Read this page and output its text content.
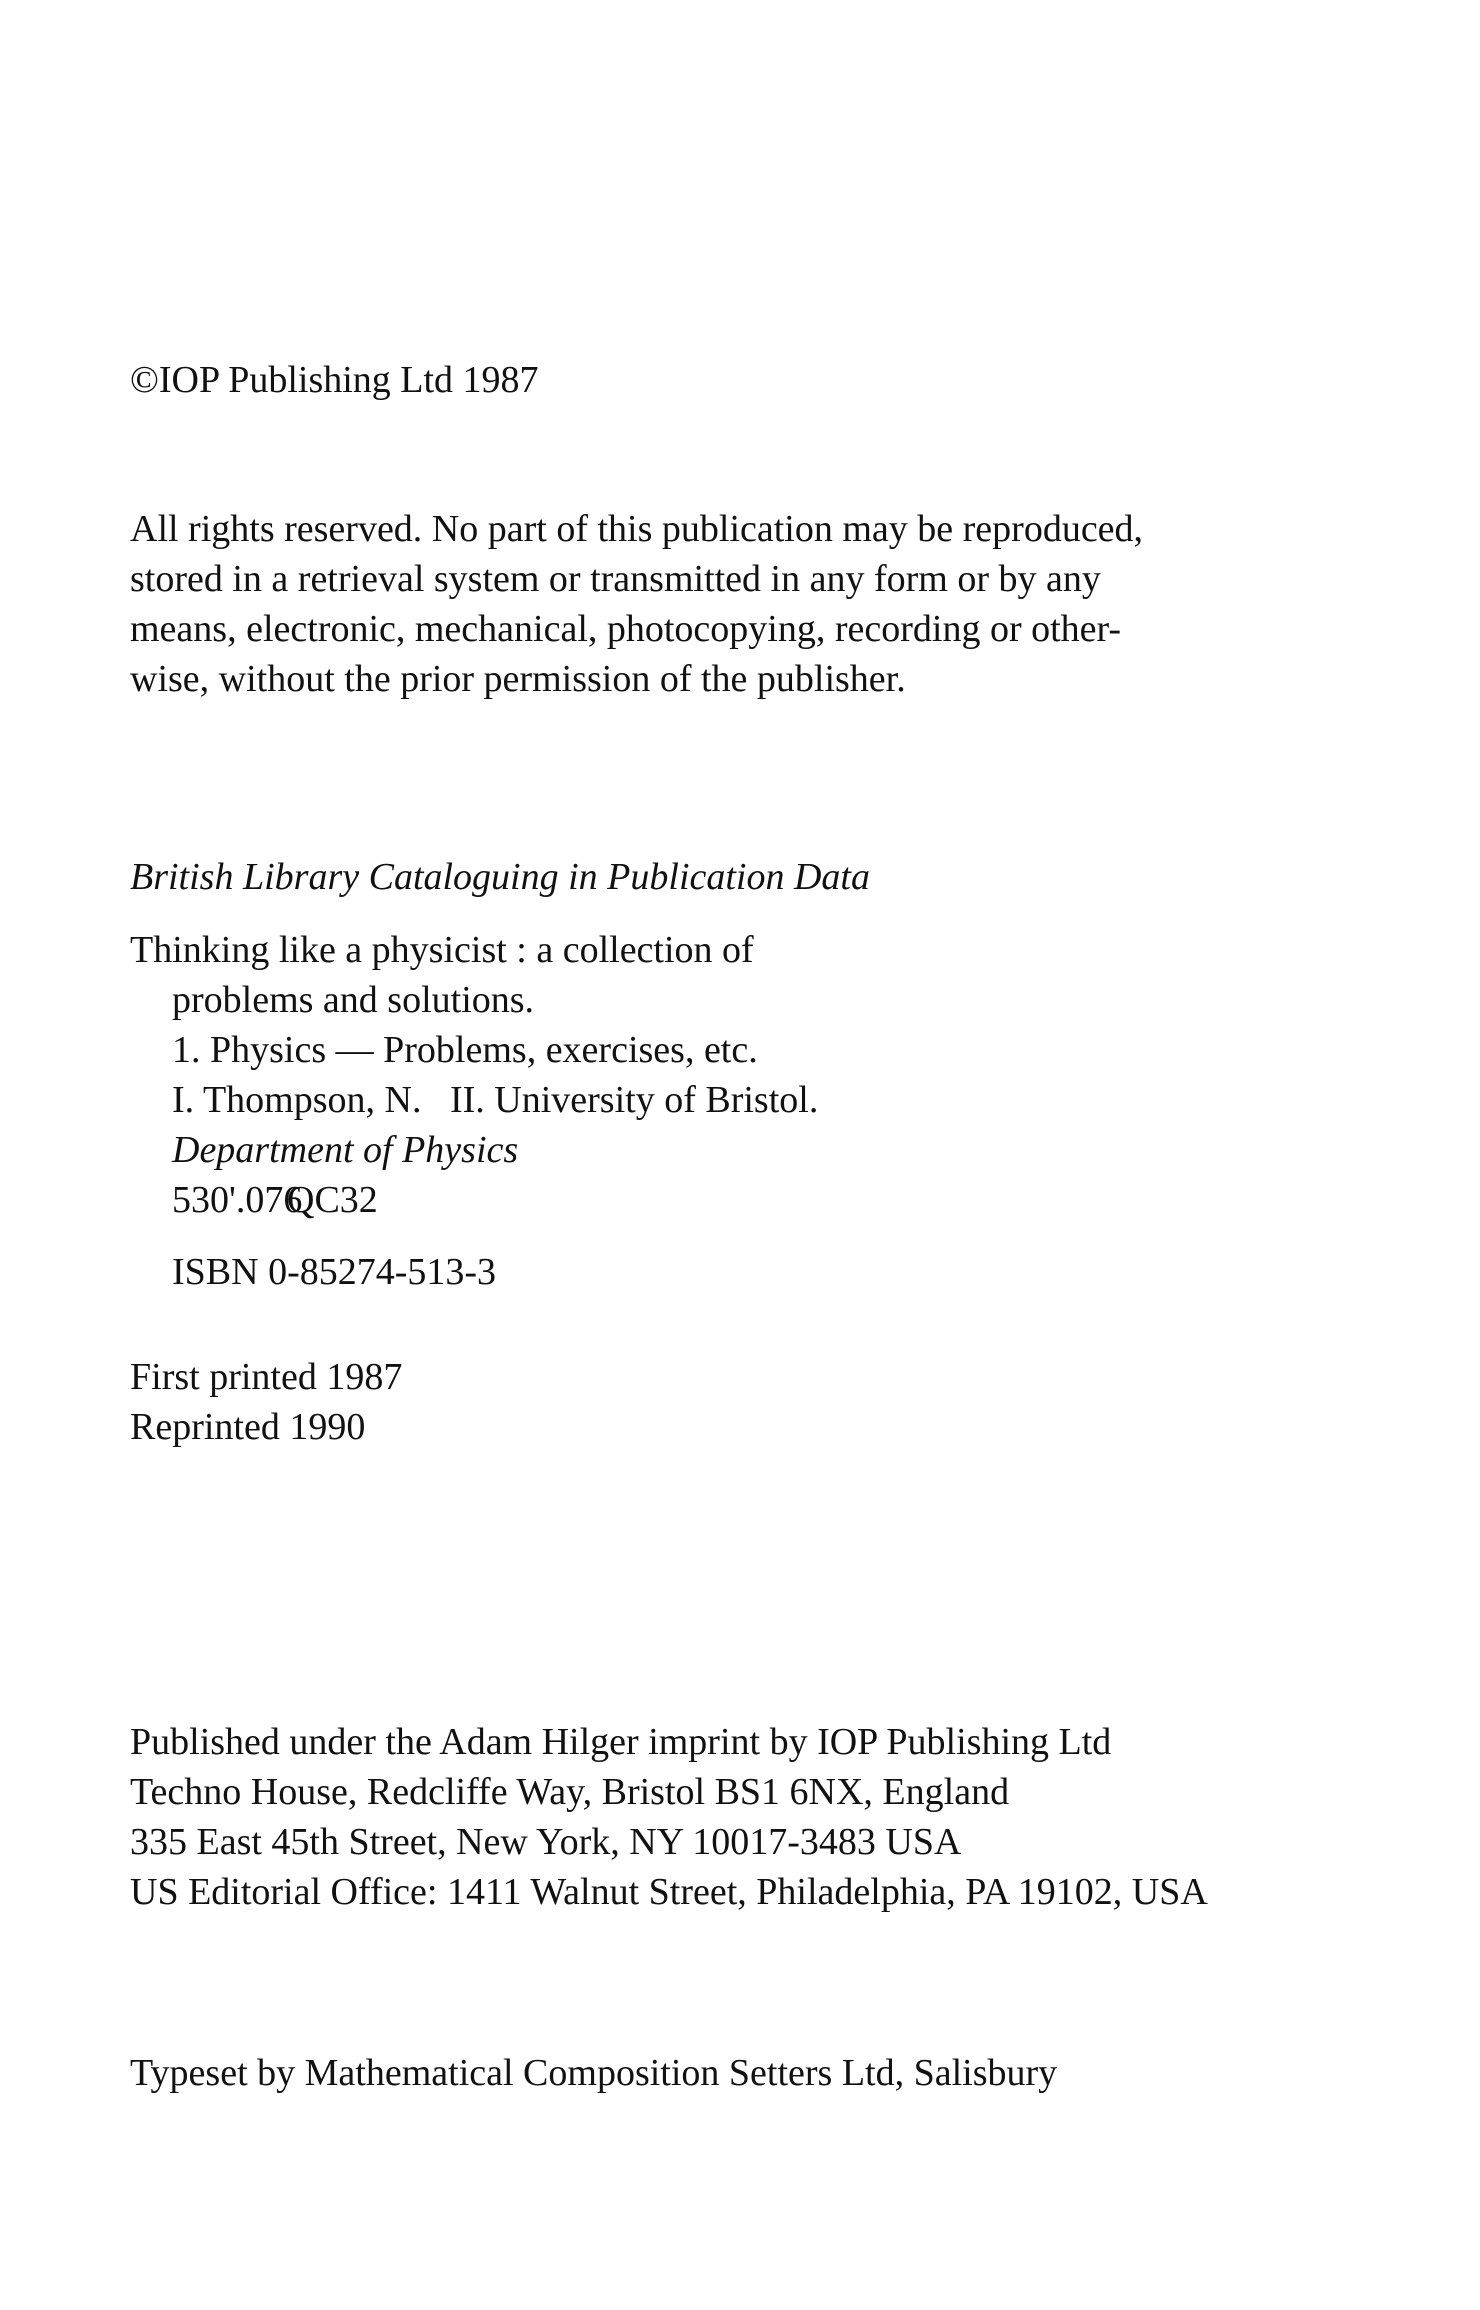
©IOP Publishing Ltd 1987
All rights reserved. No part of this publication may be reproduced,
stored in a retrieval system or transmitted in any form or by any
means, electronic, mechanical, photocopying, recording or other-
wise, without the prior permission of the publisher.
British Library Cataloguing in Publication Data
Thinking like a physicist : a collection of
problems and solutions.
1. Physics — Problems, exercises, etc.
I. Thompson, N.   II. University of Bristol.
Department of Physics
530'.076QC32
ISBN 0-85274-513-3
First printed 1987
Reprinted 1990
Published under the Adam Hilger imprint by IOP Publishing Ltd
Techno House, Redcliffe Way, Bristol BS1 6NX, England
335 East 45th Street, New York, NY 10017-3483 USA
US Editorial Office: 1411 Walnut Street, Philadelphia, PA 19102, USA
Typeset by Mathematical Composition Setters Ltd, Salisbury
